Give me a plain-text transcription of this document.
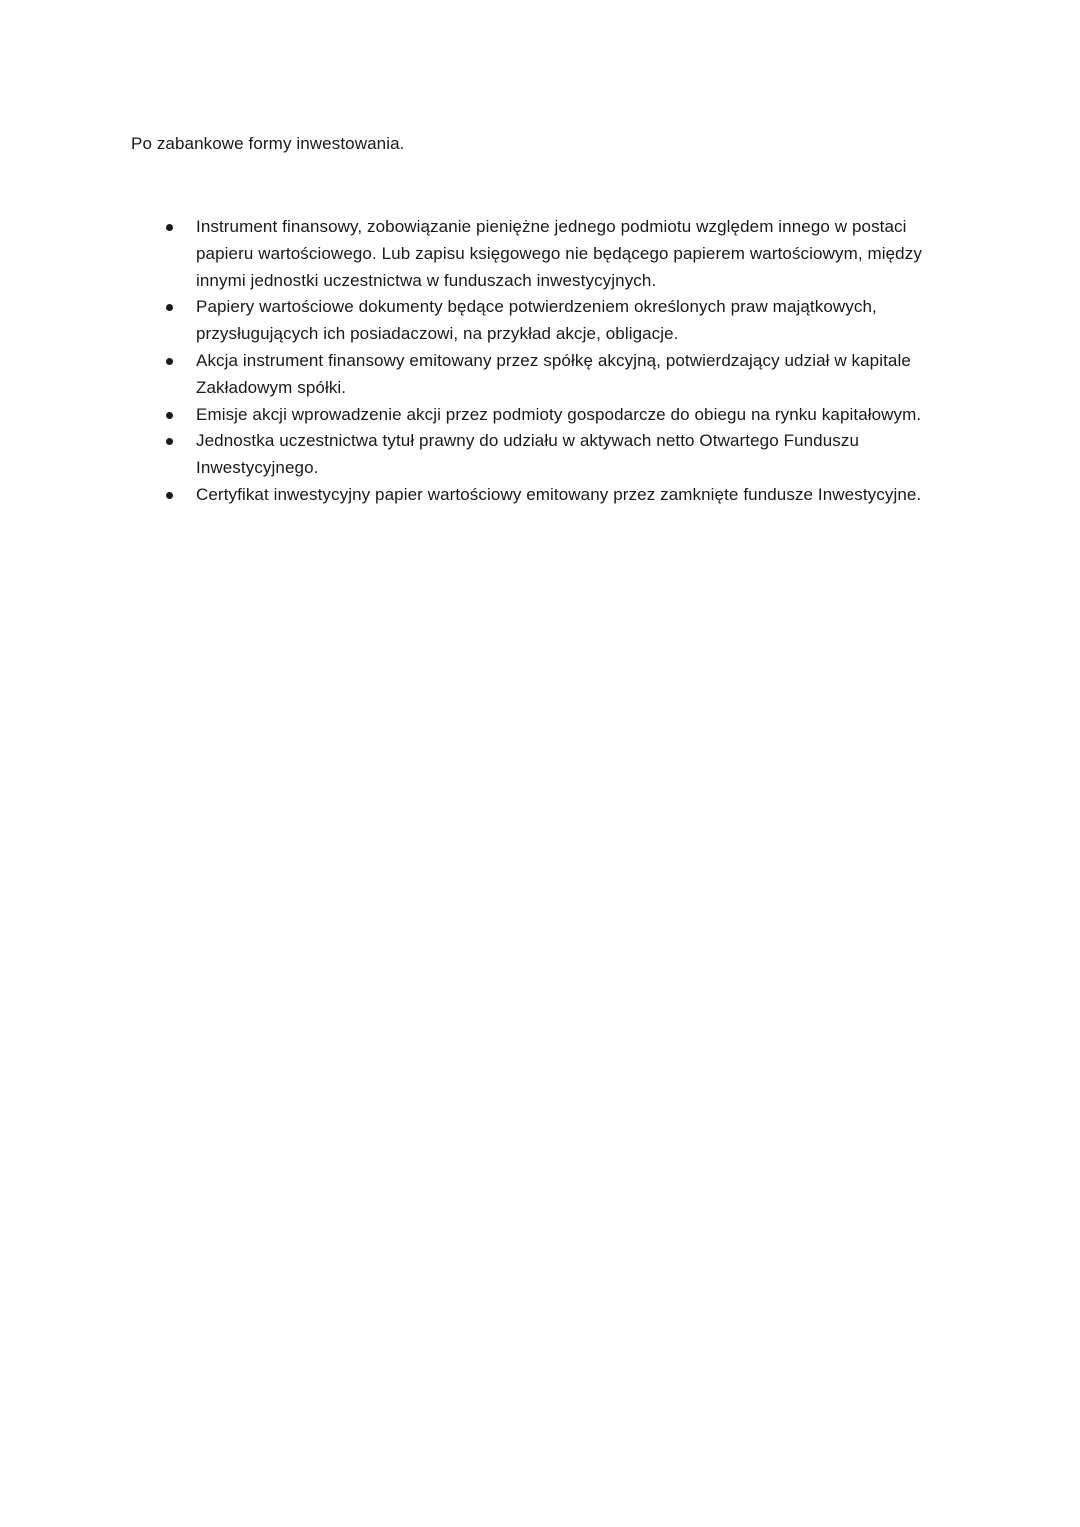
Po zabankowe formy inwestowania.
Instrument finansowy, zobowiązanie pieniężne jednego podmiotu względem innego w postaci papieru wartościowego. Lub zapisu księgowego nie będącego papierem wartościowym, między innymi jednostki uczestnictwa w funduszach inwestycyjnych.
Papiery wartościowe dokumenty będące potwierdzeniem określonych praw majątkowych, przysługujących ich posiadaczowi, na przykład akcje, obligacje.
Akcja instrument finansowy emitowany przez spółkę akcyjną, potwierdzający udział w kapitale Zakładowym spółki.
Emisje akcji wprowadzenie akcji przez podmioty gospodarcze do obiegu na rynku kapitałowym.
Jednostka uczestnictwa tytuł prawny do udziału w aktywach netto Otwartego Funduszu Inwestycyjnego.
Certyfikat inwestycyjny papier wartościowy emitowany przez zamknięte fundusze Inwestycyjne.
